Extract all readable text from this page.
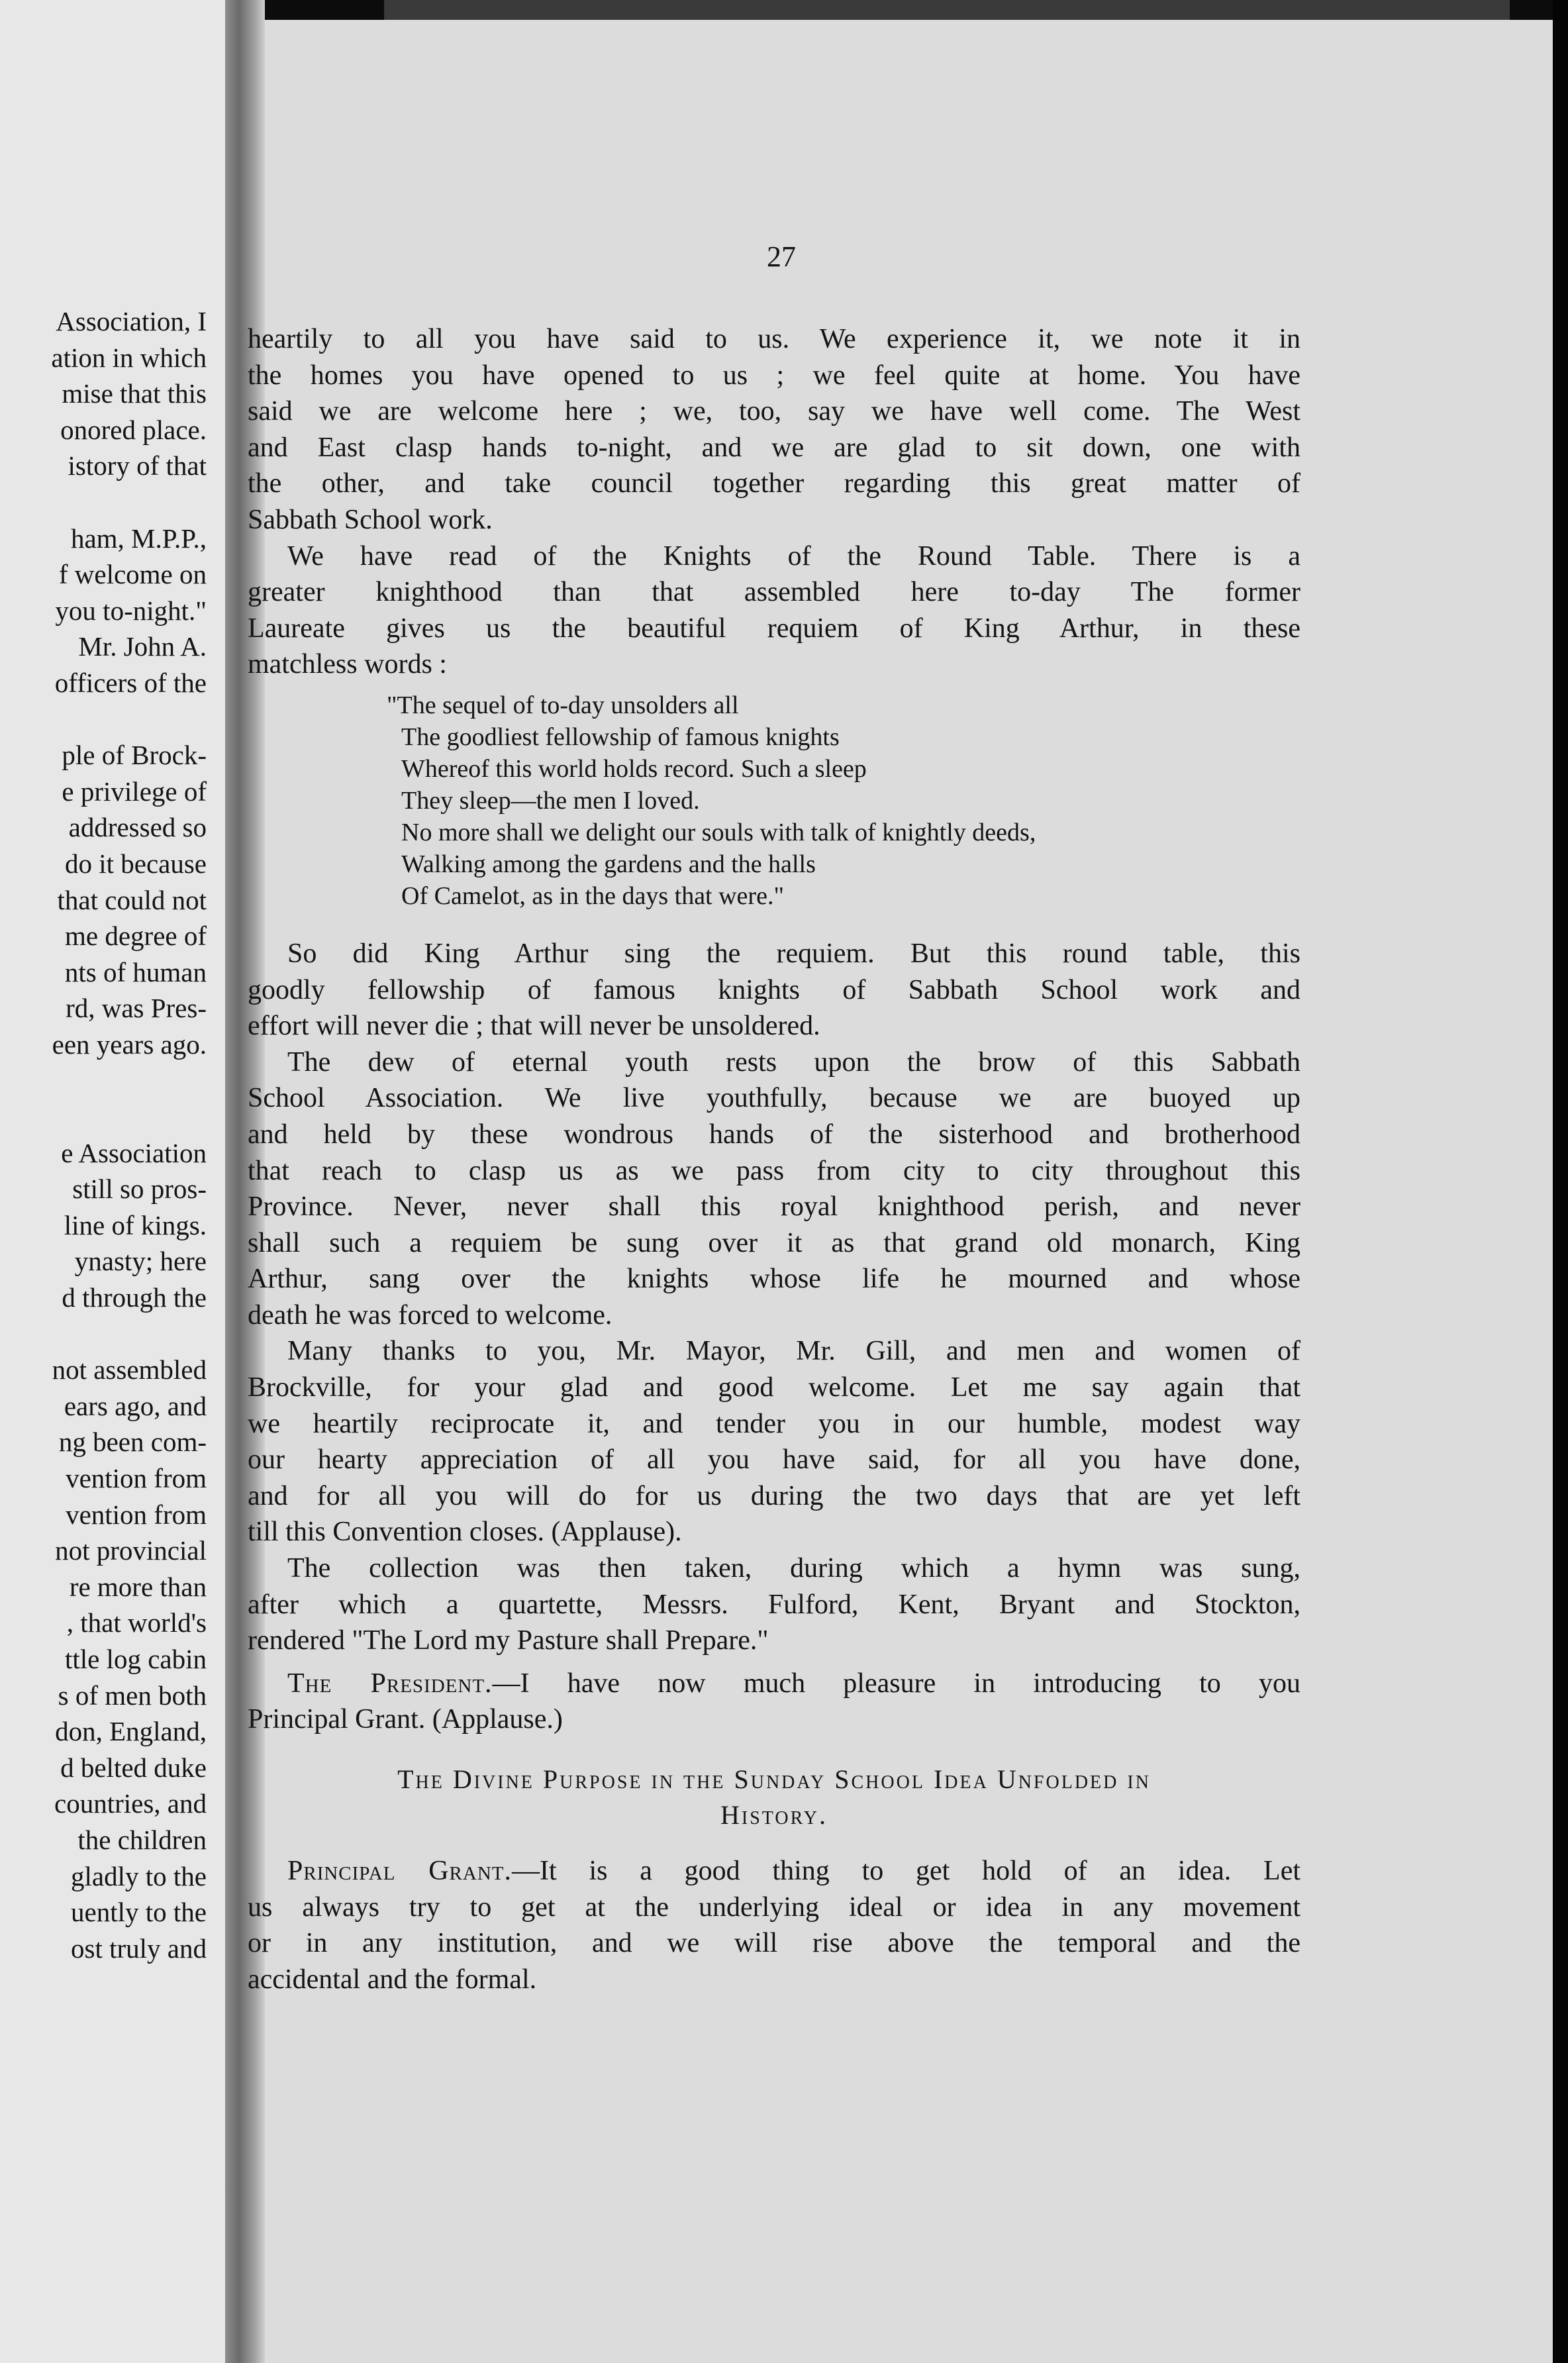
Association, I
ation in which
mise that this
onored place.
istory of that
ham, M.P.P.,
f welcome on
you to-night."
Mr. John A.
officers of the
ple of Brock-
e privilege of
addressed so
do it because
that could not
me degree of
nts of human
rd, was Pres-
een years ago.
e Association
still so pros-
line of kings.
ynasty; here
d through the
not assembled
ears ago, and
ng been com-
vention from
vention from
not provincial
re more than
, that world's
ttle log cabin
s of men both
don, England,
d belted duke
countries, and
the children
gladly to the
uently to the
ost truly and
27
heartily to all you have said to us. We experience it, we note it in
the homes you have opened to us ; we feel quite at home. You have
said we are welcome here ; we, too, say we have well come. The West
and East clasp hands to-night, and we are glad to sit down, one with
the other, and take council together regarding this great matter of
Sabbath School work.
We have read of the Knights of the Round Table. There is a
greater knighthood than that assembled here to-day The former
Laureate gives us the beautiful requiem of King Arthur, in these
matchless words :
"The sequel of to-day unsolders all
The goodliest fellowship of famous knights
Whereof this world holds record. Such a sleep
They sleep—the men I loved.
No more shall we delight our souls with talk of knightly deeds,
Walking among the gardens and the halls
Of Camelot, as in the days that were."
So did King Arthur sing the requiem. But this round table, this
goodly fellowship of famous knights of Sabbath School work and
effort will never die ; that will never be unsoldered.
The dew of eternal youth rests upon the brow of this Sabbath
School Association. We live youthfully, because we are buoyed up
and held by these wondrous hands of the sisterhood and brotherhood
that reach to clasp us as we pass from city to city throughout this
Province. Never, never shall this royal knighthood perish, and never
shall such a requiem be sung over it as that grand old monarch, King
Arthur, sang over the knights whose life he mourned and whose
death he was forced to welcome.
Many thanks to you, Mr. Mayor, Mr. Gill, and men and women of
Brockville, for your glad and good welcome. Let me say again that
we heartily reciprocate it, and tender you in our humble, modest way
our hearty appreciation of all you have said, for all you have done,
and for all you will do for us during the two days that are yet left
till this Convention closes. (Applause).
The collection was then taken, during which a hymn was sung,
after which a quartette, Messrs. Fulford, Kent, Bryant and Stockton,
rendered "The Lord my Pasture shall Prepare."
The President.—I have now much pleasure in introducing to you
Principal Grant. (Applause.)
The Divine Purpose in the Sunday School Idea Unfolded in
History.
Principal Grant.—It is a good thing to get hold of an idea. Let
us always try to get at the underlying ideal or idea in any movement
or in any institution, and we will rise above the temporal and the
accidental and the formal.
